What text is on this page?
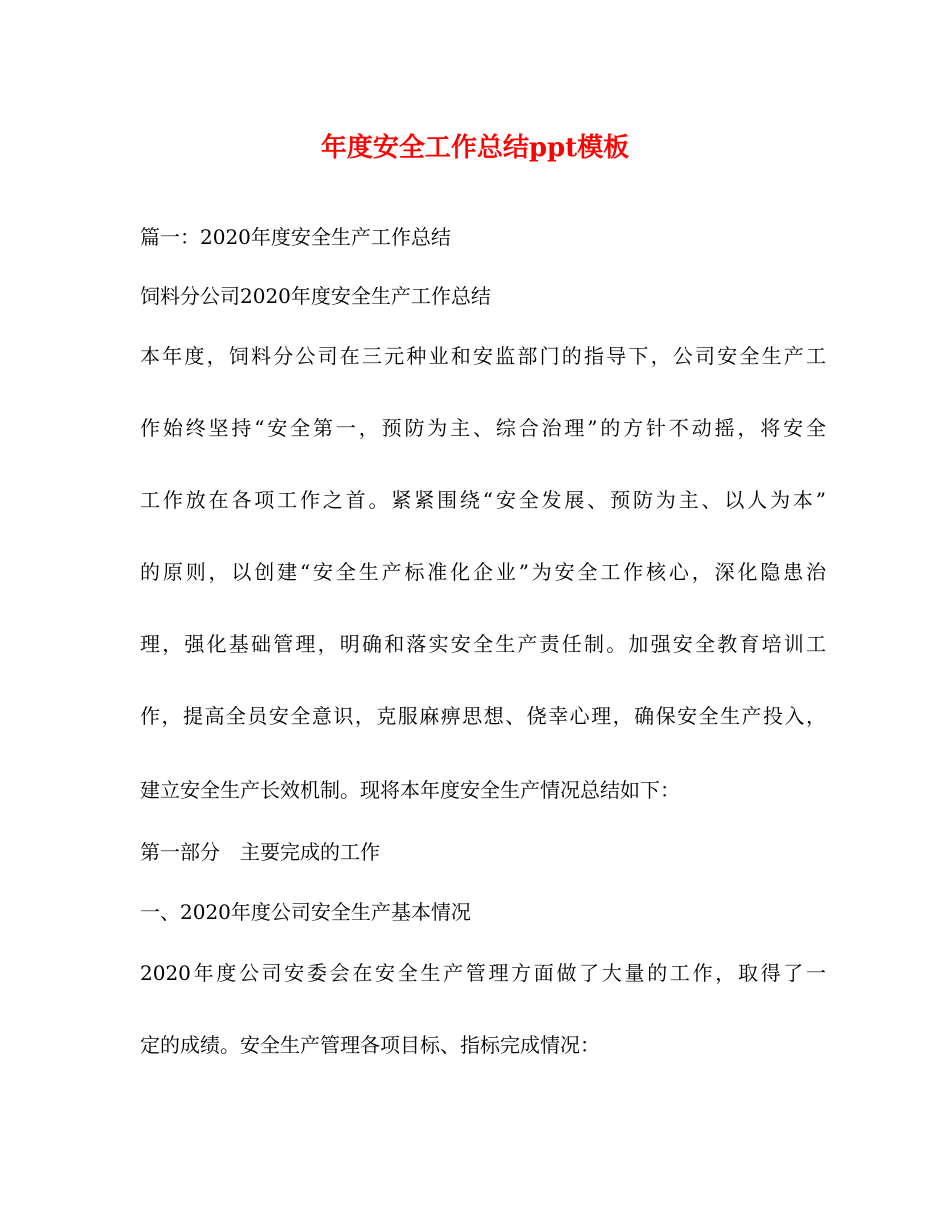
年度安全工作总结ppt模板
篇一：2020年度安全生产工作总结
饲料分公司2020年度安全生产工作总结
本年度，饲料分公司在三元种业和安监部门的指导下，公司安全生产工
作始终坚持“安全第一，预防为主、综合治理”的方针不动摇，将安全
工作放在各项工作之首。紧紧围绕“安全发展、预防为主、以人为本”
的原则，以创建“安全生产标准化企业”为安全工作核心，深化隐患治
理，强化基础管理，明确和落实安全生产责任制。加强安全教育培训工
作，提高全员安全意识，克服麻痹思想、侥幸心理，确保安全生产投入，
建立安全生产长效机制。现将本年度安全生产情况总结如下：
第一部分　主要完成的工作
一、2020年度公司安全生产基本情况
2020年度公司安委会在安全生产管理方面做了大量的工作，取得了一
定的成绩。安全生产管理各项目标、指标完成情况：
